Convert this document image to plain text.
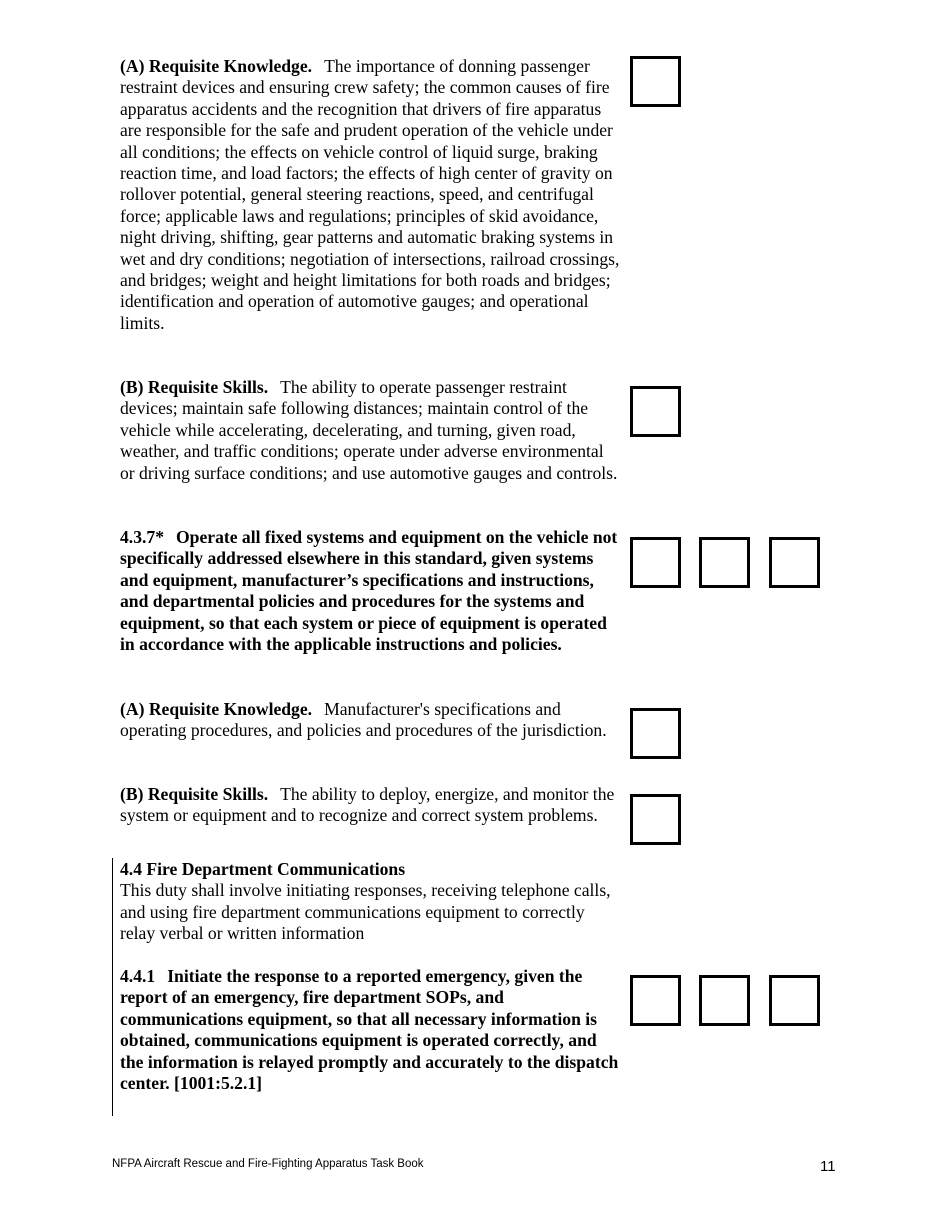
(A) Requisite Knowledge. The importance of donning passenger restraint devices and ensuring crew safety; the common causes of fire apparatus accidents and the recognition that drivers of fire apparatus are responsible for the safe and prudent operation of the vehicle under all conditions; the effects on vehicle control of liquid surge, braking reaction time, and load factors; the effects of high center of gravity on rollover potential, general steering reactions, speed, and centrifugal force; applicable laws and regulations; principles of skid avoidance, night driving, shifting, gear patterns and automatic braking systems in wet and dry conditions; negotiation of intersections, railroad crossings, and bridges; weight and height limitations for both roads and bridges; identification and operation of automotive gauges; and operational limits.

(B) Requisite Skills. The ability to operate passenger restraint devices; maintain safe following distances; maintain control of the vehicle while accelerating, decelerating, and turning, given road, weather, and traffic conditions; operate under adverse environmental or driving surface conditions; and use automotive gauges and controls.

4.3.7* Operate all fixed systems and equipment on the vehicle not specifically addressed elsewhere in this standard, given systems and equipment, manufacturer’s specifications and instructions, and departmental policies and procedures for the systems and equipment, so that each system or piece of equipment is operated in accordance with the applicable instructions and policies.

(A) Requisite Knowledge. Manufacturer's specifications and operating procedures, and policies and procedures of the jurisdiction.

(B) Requisite Skills. The ability to deploy, energize, and monitor the system or equipment and to recognize and correct system problems.

4.4 Fire Department Communications
This duty shall involve initiating responses, receiving telephone calls, and using fire department communications equipment to correctly relay verbal or written information

4.4.1 Initiate the response to a reported emergency, given the report of an emergency, fire department SOPs, and communications equipment, so that all necessary information is obtained, communications equipment is operated correctly, and the information is relayed promptly and accurately to the dispatch center. [1001:5.2.1]

NFPA Aircraft Rescue and Fire-Fighting Apparatus Task Book	11
